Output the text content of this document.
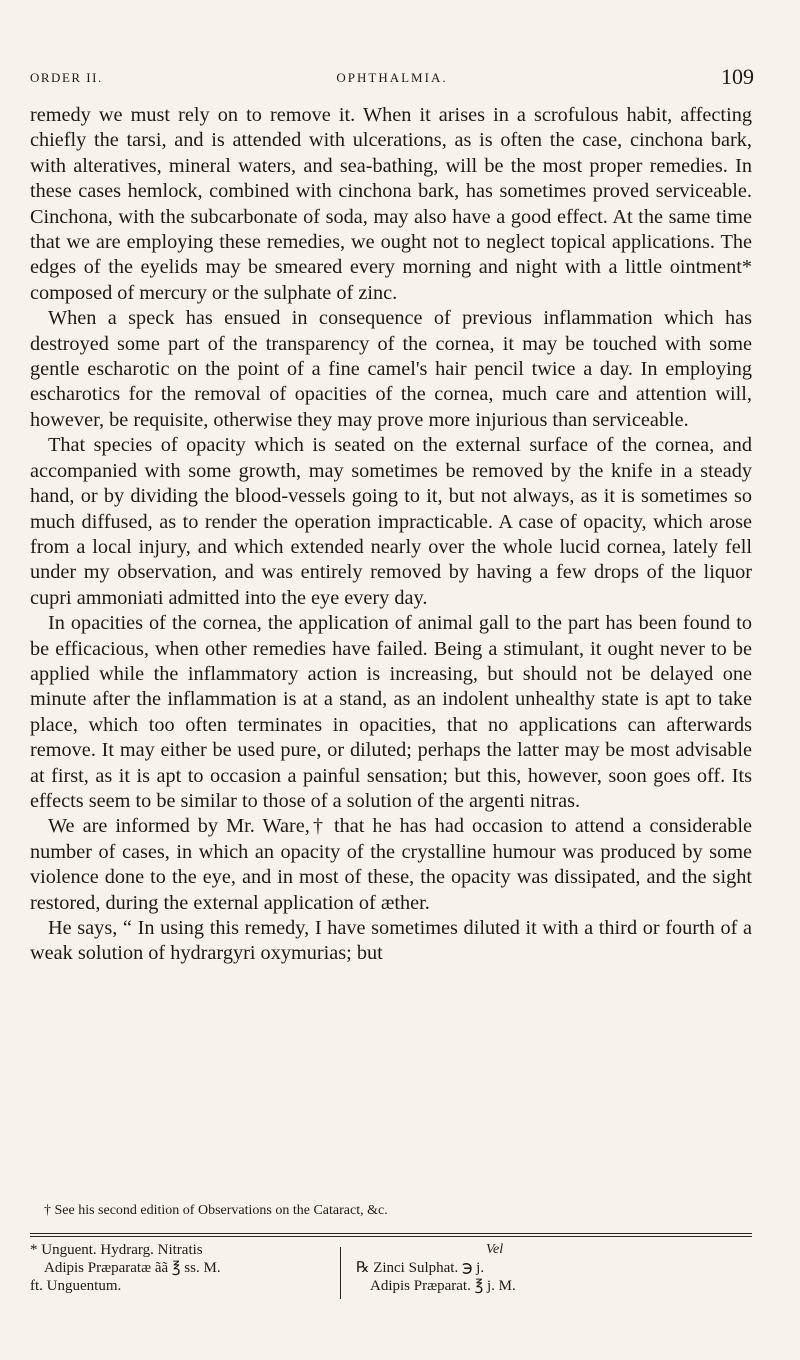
ORDER II.	OPHTHALMIA.	109

remedy we must rely on to remove it. When it arises in a scrofulous habit, affecting chiefly the tarsi, and is attended with ulcerations, as is often the case, cinchona bark, with alteratives, mineral waters, and sea-bathing, will be the most proper remedies. In these cases hemlock, combined with cinchona bark, has sometimes proved serviceable. Cinchona, with the subcarbonate of soda, may also have a good effect. At the same time that we are employing these remedies, we ought not to neglect topical applications. The edges of the eyelids may be smeared every morning and night with a little ointment* composed of mercury or the sulphate of zinc.

When a speck has ensued in consequence of previous inflammation which has destroyed some part of the transparency of the cornea, it may be touched with some gentle escharotic on the point of a fine camel's hair pencil twice a day. In employing escharotics for the removal of opacities of the cornea, much care and attention will, however, be requisite, otherwise they may prove more injurious than serviceable.

That species of opacity which is seated on the external surface of the cornea, and accompanied with some growth, may sometimes be removed by the knife in a steady hand, or by dividing the blood-vessels going to it, but not always, as it is sometimes so much diffused, as to render the operation impracticable. A case of opacity, which arose from a local injury, and which extended nearly over the whole lucid cornea, lately fell under my observation, and was entirely removed by having a few drops of the liquor cupri ammoniati admitted into the eye every day.

In opacities of the cornea, the application of animal gall to the part has been found to be efficacious, when other remedies have failed. Being a stimulant, it ought never to be applied while the inflammatory action is increasing, but should not be delayed one minute after the inflammation is at a stand, as an indolent unhealthy state is apt to take place, which too often terminates in opacities, that no applications can afterwards remove. It may either be used pure, or diluted; perhaps the latter may be most advisable at first, as it is apt to occasion a painful sensation; but this, however, soon goes off. Its effects seem to be similar to those of a solution of the argenti nitras.

We are informed by Mr. Ware,† that he has had occasion to attend a considerable number of cases, in which an opacity of the crystalline humour was produced by some violence done to the eye, and in most of these, the opacity was dissipated, and the sight restored, during the external application of æther.

He says, “ In using this remedy, I have sometimes diluted it with a third or fourth of a weak solution of hydrargyri oxymurias; but

† See his second edition of Observations on the Cataract, &c.
* Unguent. Hydrarg. Nitratis
Adipis Præparatæ ãã ℥ ss. M.
ft. Unguentum.
Vel
℞ Zinci Sulphat. ℈ j.
Adipis Præparat. ℥ j. M.
